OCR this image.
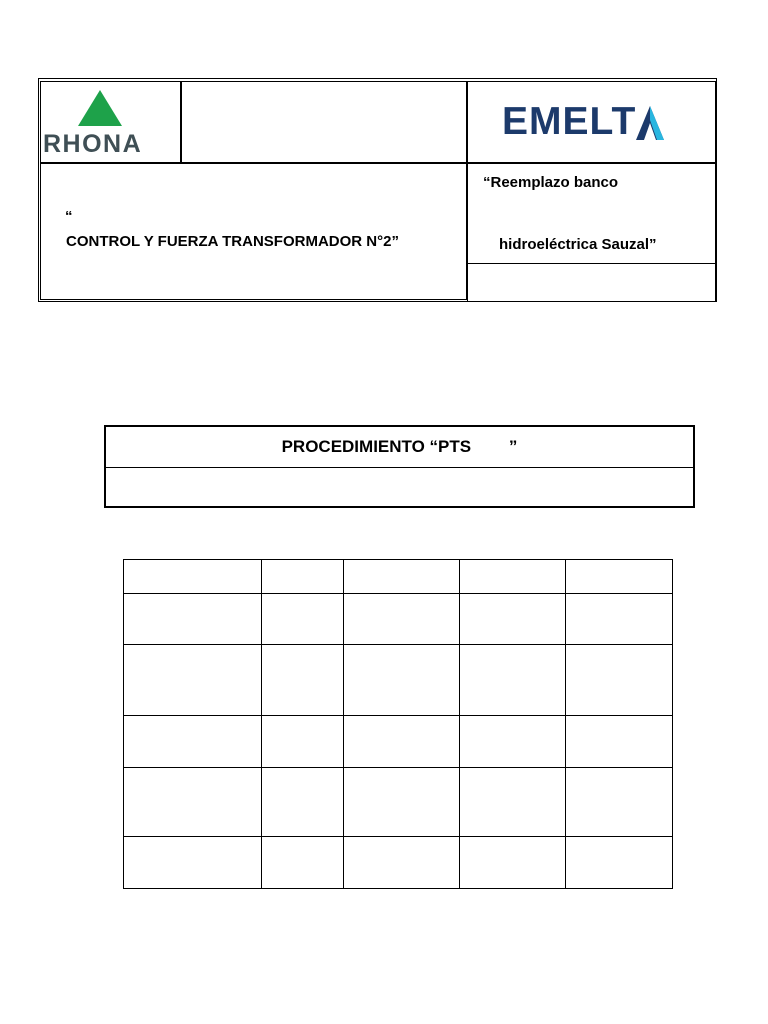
RHONA
EMELT
“
CONTROL Y FUERZA TRANSFORMADOR N°2”
“Reemplazo banco
hidroeléctrica Sauzal”
PROCEDIMIENTO “PTS        ”
